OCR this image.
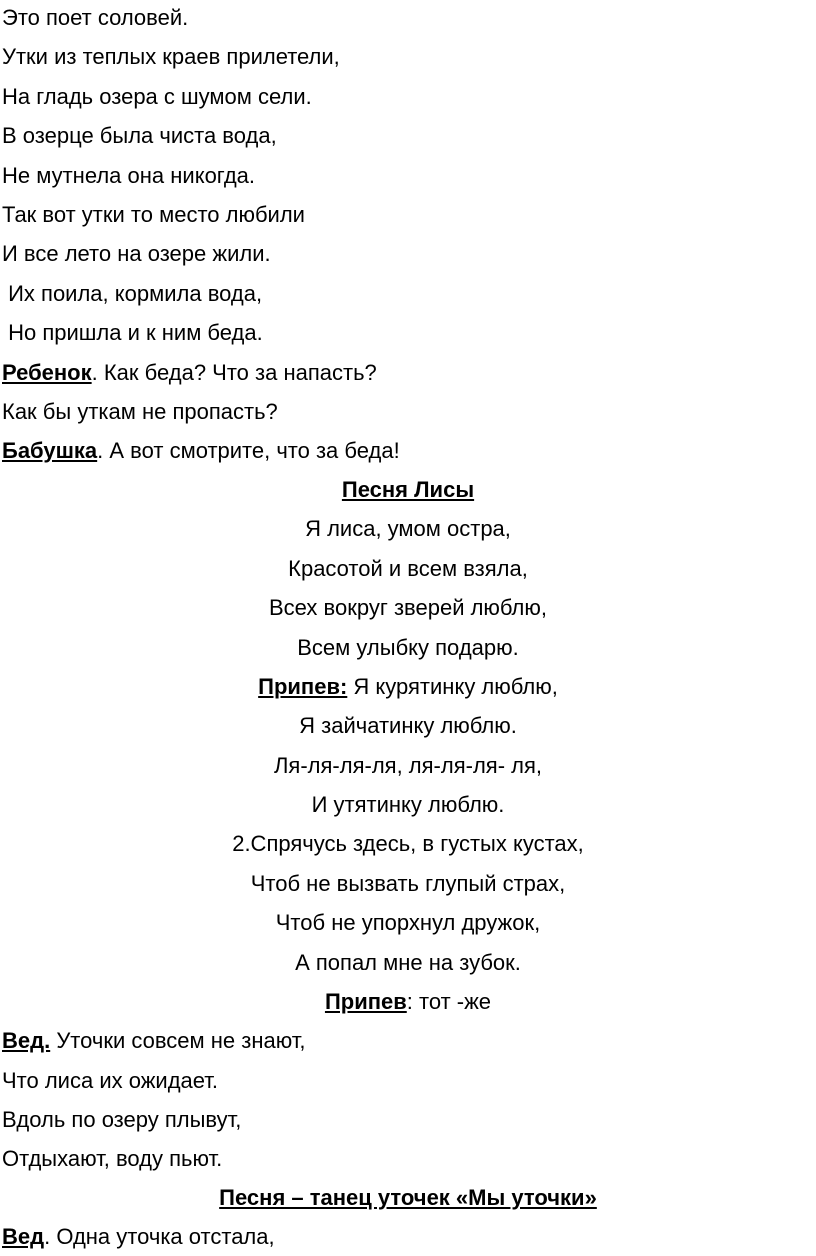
Это поет соловей.
Утки из теплых краев прилетели,
На гладь озера с шумом сели.
В озерце была чиста вода,
Не мутнела она никогда.
Так вот утки то место любили
И все лето на озере жили.
Их поила, кормила вода,
Но пришла и к ним беда.
Ребенок. Как беда? Что за напасть?
Как бы уткам не пропасть?
Бабушка. А вот смотрите, что за беда!
Песня Лисы
Я лиса, умом остра,
Красотой и всем взяла,
Всех вокруг зверей люблю,
Всем улыбку подарю.
Припев: Я курятинку люблю,
Я зайчатинку люблю.
Ля-ля-ля-ля, ля-ля-ля- ля,
И утятинку люблю.
2.Спрячусь здесь, в густых кустах,
Чтоб не вызвать глупый страх,
Чтоб не упорхнул дружок,
А попал мне на зубок.
Припев: тот -же
Вед. Уточки совсем не знают,
Что лиса их ожидает.
Вдоль по озеру плывут,
Отдыхают, воду пьют.
Песня – танец уточек «Мы уточки»
Вед. Одна уточка отстала,
